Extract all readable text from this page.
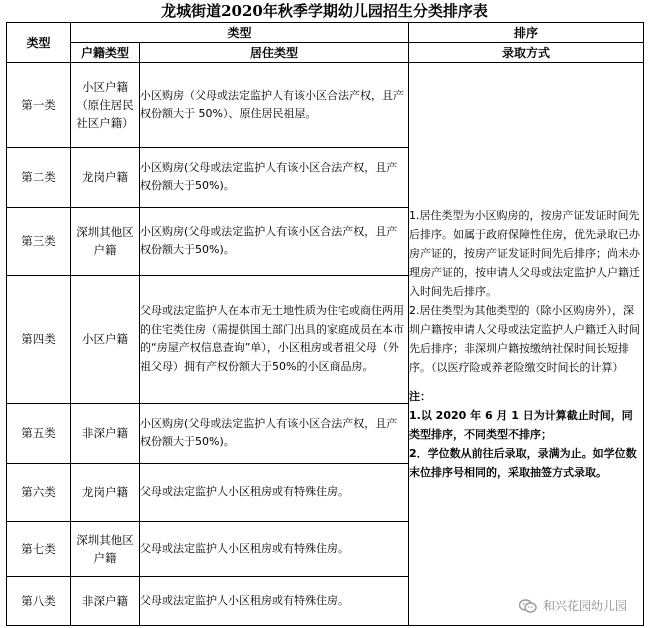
龙城街道2020年秋季学期幼儿园招生分类排序表
类型	类型		排序
	户籍类型	居住类型	录取方式
第一类	小区户籍（原住居民社区户籍）	小区购房（父母或法定监护人有该小区合法产权，且产权份额大于 50%）、原住居民祖屋。	1.居住类型为小区购房的，按房产证发证时间先后排序。如属于政府保障性住房，优先录取已办房产证的，按房产证发证时间先后排序；尚未办理房产证的，按申请人父母或法定监护人户籍迁入时间先后排序。

2.居住类型为其他类型的（除小区购房外），深圳户籍按申请人父母或法定监护人户籍迁入时间先后排序；非深圳户籍按缴纳社保时间长短排序。（以医疗险或养老险缴交时间长的计算）

注：

1.以 2020 年 6 月 1 日为计算截止时间，同类型排序，不同类型不排序；

2．学位数从前往后录取，录满为止。如学位数末位排序号相同的，采取抽签方式录取。

第二类	龙岗户籍	小区购房(父母或法定监护人有该小区合法产权，且产权份额大于50%)。	
第三类	深圳其他区户籍	小区购房(父母或法定监护人有该小区合法产权，且产权份额大于50%)。	
第四类	小区户籍	父母或法定监护人在本市无土地性质为住宅或商住两用的住宅类住房（需提供国土部门出具的家庭成员在本市的“房屋产权信息查询”单），小区租房或者祖父母（外祖父母）拥有产权份额大于50%的小区商品房。	
第五类	非深户籍	小区购房(父母或法定监护人有该小区合法产权，且产权份额大于50%)。	
第六类	龙岗户籍	父母或法定监护人小区租房或有特殊住房。	
第七类	深圳其他区户籍	父母或法定监护人小区租房或有特殊住房。	
第八类	非深户籍	父母或法定监护人小区租房或有特殊住房。		和兴花园幼儿园
